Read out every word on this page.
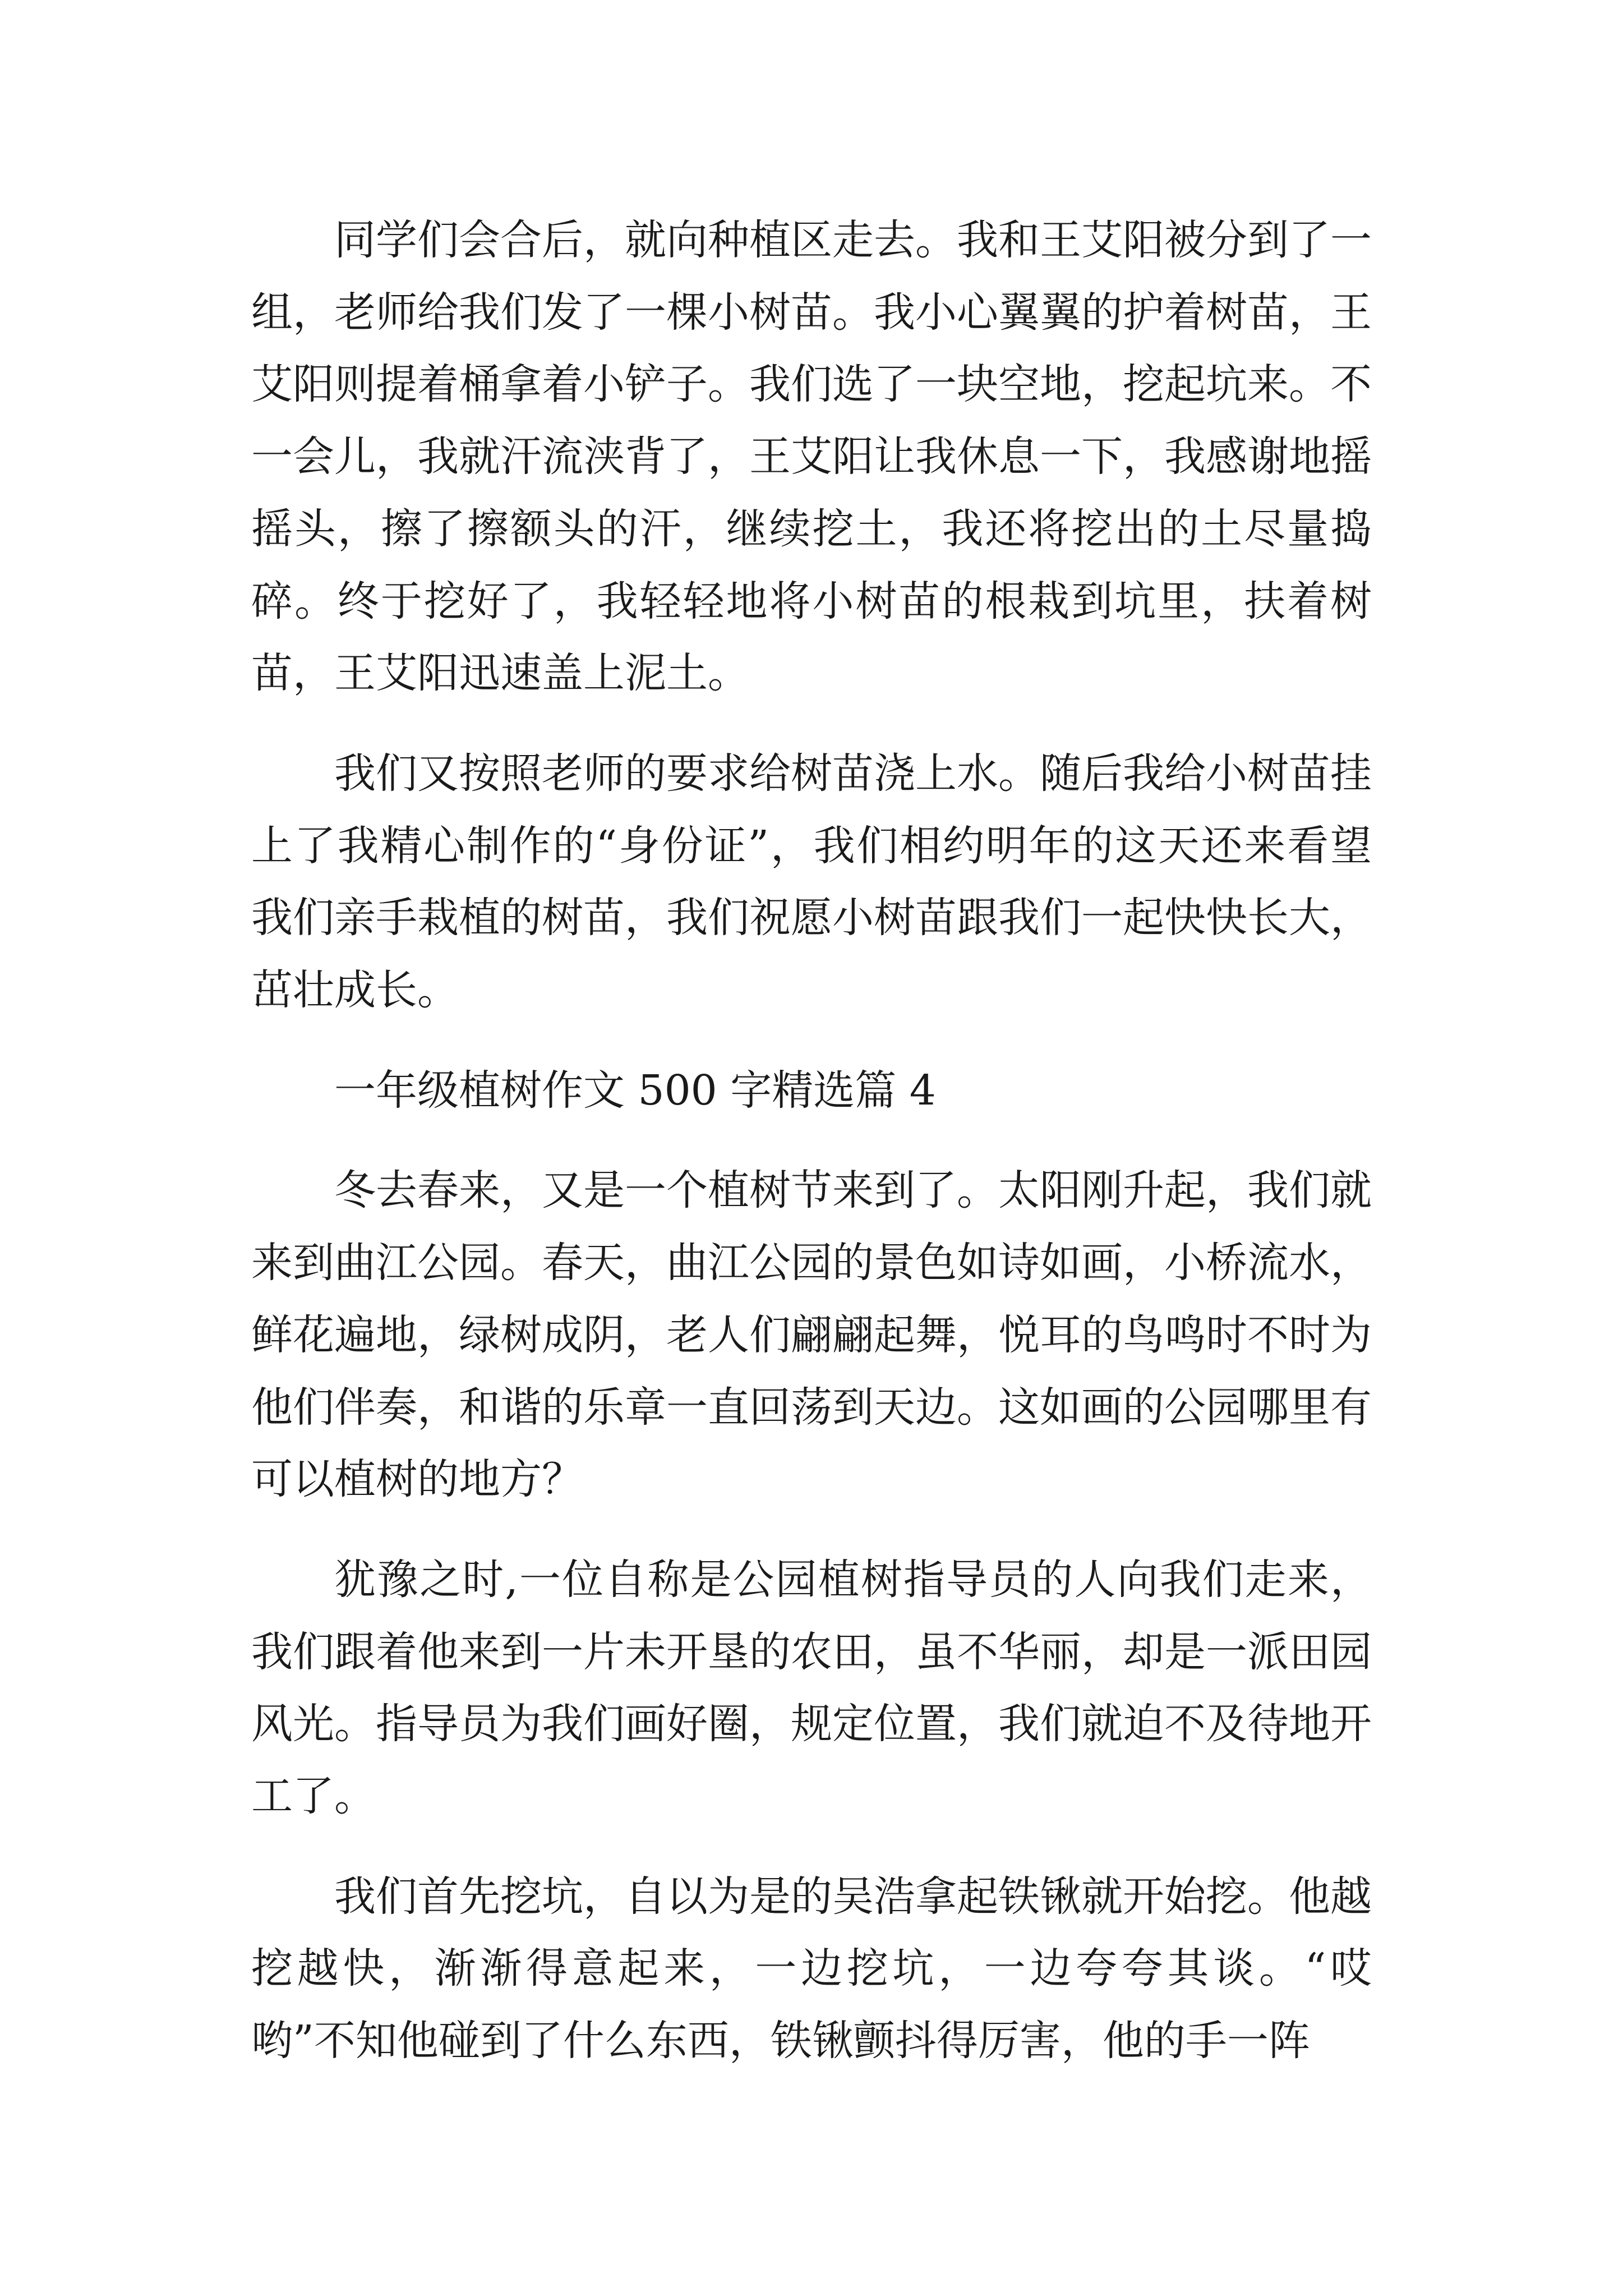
同学们会合后，就向种植区走去。我和王艾阳被分到了一组，老师给我们发了一棵小树苗。我小心翼翼的护着树苗，王艾阳则提着桶拿着小铲子。我们选了一块空地，挖起坑来。不一会儿，我就汗流浃背了，王艾阳让我休息一下，我感谢地摇摇头，擦了擦额头的汗，继续挖土，我还将挖出的土尽量捣碎。终于挖好了，我轻轻地将小树苗的根栽到坑里，扶着树苗，王艾阳迅速盖上泥土。

我们又按照老师的要求给树苗浇上水。随后我给小树苗挂上了我精心制作的“身份证”，我们相约明年的这天还来看望我们亲手栽植的树苗，我们祝愿小树苗跟我们一起快快长大，茁壮成长。

一年级植树作文 500 字精选篇 4

冬去春来，又是一个植树节来到了。太阳刚升起，我们就来到曲江公园。春天，曲江公园的景色如诗如画，小桥流水，鲜花遍地，绿树成阴，老人们翩翩起舞，悦耳的鸟鸣时不时为他们伴奏，和谐的乐章一直回荡到天边。这如画的公园哪里有可以植树的地方？

犹豫之时,一位自称是公园植树指导员的人向我们走来，我们跟着他来到一片未开垦的农田，虽不华丽，却是一派田园风光。指导员为我们画好圈，规定位置，我们就迫不及待地开工了。

我们首先挖坑，自以为是的吴浩拿起铁锹就开始挖。他越挖越快，渐渐得意起来，一边挖坑，一边夸夸其谈。“哎哟”不知他碰到了什么东西，铁锹颤抖得厉害，他的手一阵
